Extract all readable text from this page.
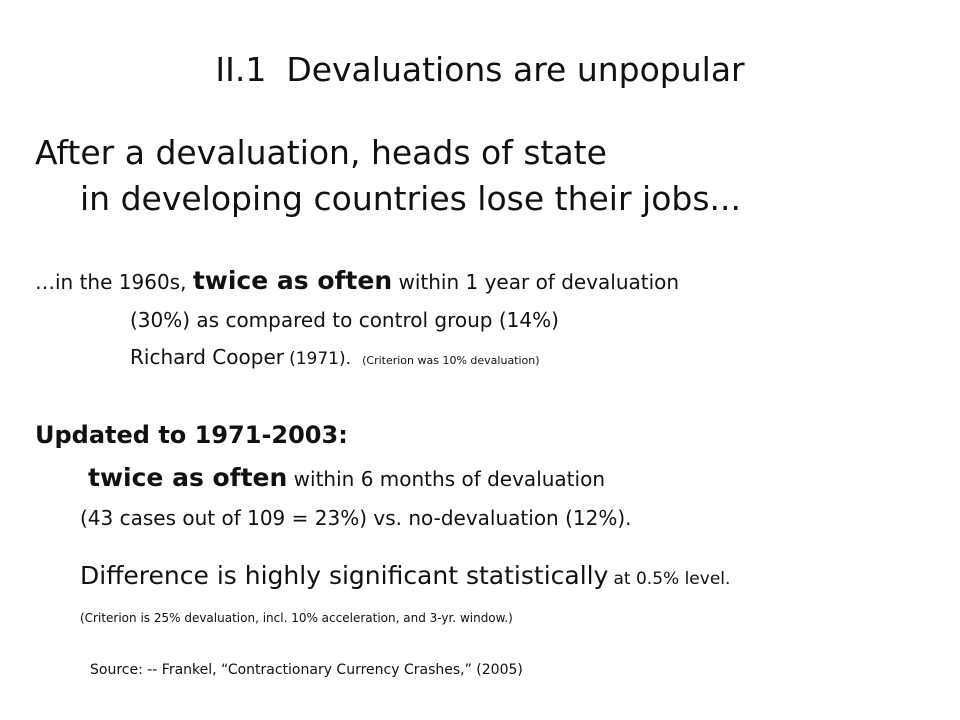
II.1 Devaluations are unpopular
After a devaluation, heads of state
in developing countries lose their jobs...
…in the 1960s, twice as often within 1 year of devaluation
(30%) as compared to control group (14%)
Richard Cooper (1971). (Criterion was 10% devaluation)
Updated to 1971-2003:
twice as often within 6 months of devaluation
(43 cases out of 109 = 23%) vs. no-devaluation (12%).
Difference is highly significant statistically at 0.5% level.
(Criterion is 25% devaluation, incl. 10% acceleration, and 3-yr. window.)
Source: -- Frankel, “Contractionary Currency Crashes,” (2005)
